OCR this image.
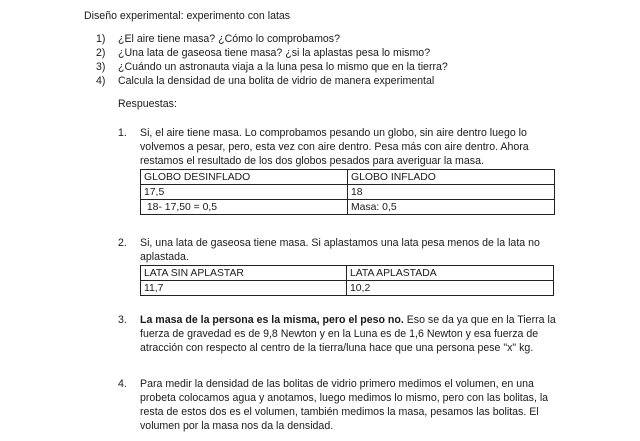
Diseño experimental: experimento con latas
1)	¿El aire tiene masa? ¿Cómo lo comprobamos?
2)	¿Una lata de gaseosa tiene masa? ¿si la aplastas pesa lo mismo?
3)	¿Cuándo un astronauta viaja a la luna pesa lo mismo que en la tierra?
4)	Calcula la densidad de una bolita de vidrio de manera experimental
Respuestas:
1. Si, el aire tiene masa. Lo comprobamos pesando un globo, sin aire dentro luego lo

volvemos a pesar, pero, esta vez con aire dentro. Pesa más con aire dentro. Ahora

restamos el resultado de los dos globos pesados para averiguar la masa.

GLOBO DESINFLADO	GLOBO INFLADO
17,5	18
18- 17,50 = 0,5	Masa: 0,5
2. Si, una lata de gaseosa tiene masa. Si aplastamos una lata pesa menos de la lata no

aplastada.

LATA SIN APLASTAR	LATA APLASTADA
11,7	10,2
3. La masa de la persona es la misma, pero el peso no. Eso se da ya que en la Tierra la

fuerza de gravedad es de 9,8 Newton y en la Luna es de 1,6 Newton y esa fuerza de

atracción con respecto al centro de la tierra/luna hace que una persona pese "x" kg.

4. Para medir la densidad de las bolitas de vidrio primero medimos el volumen, en una

probeta colocamos agua y anotamos, luego medimos lo mismo, pero con las bolitas, la

resta de estos dos es el volumen, también medimos la masa, pesamos las bolitas. El

volumen por la masa nos da la densidad.
